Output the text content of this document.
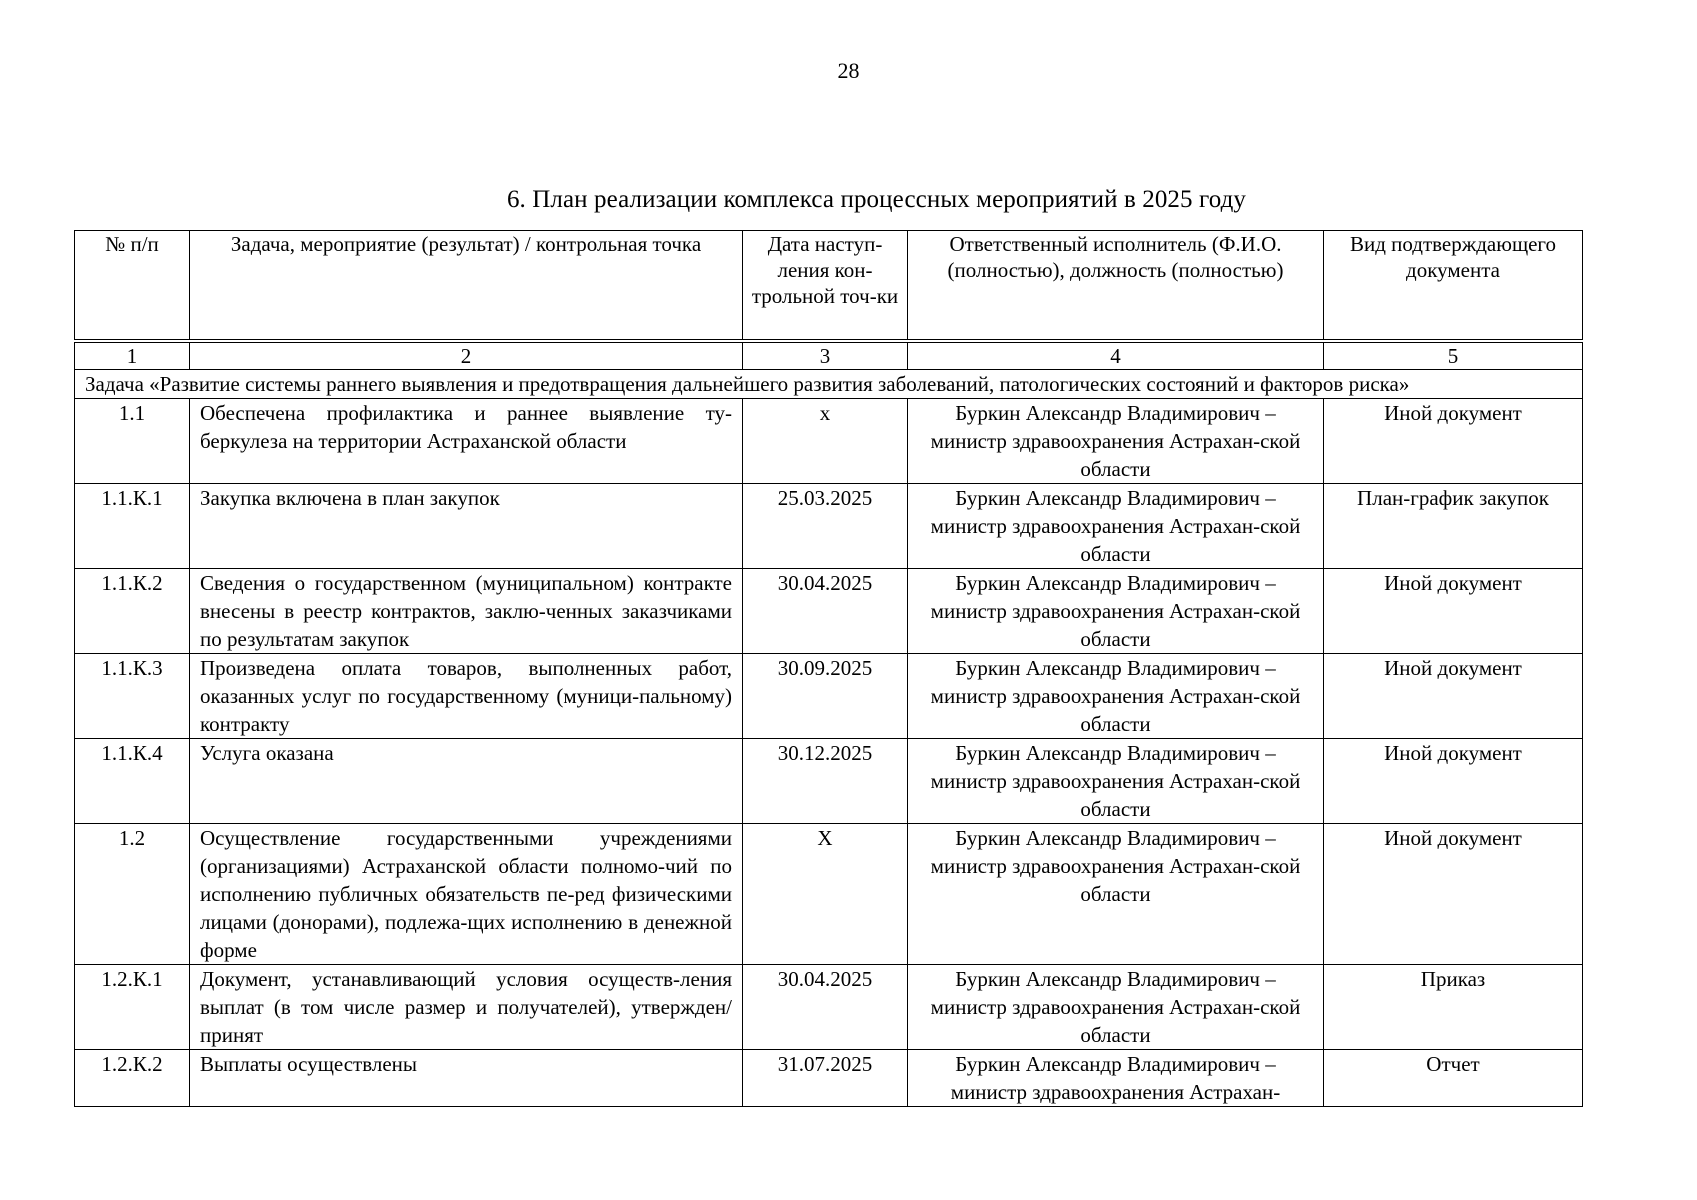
28
6. План реализации комплекса процессных мероприятий в 2025 году
№ п/п	Задача, мероприятие (результат) / контрольная точка	Дата наступ-ления кон-трольной точ-ки	Ответственный исполнитель (Ф.И.О. (полностью), должность (полностью)	Вид подтверждающего документа
1	2	3	4	5
Задача «Развитие системы раннего выявления и предотвращения дальнейшего развития заболеваний, патологических состояний и факторов риска»				
1.1	Обеспечена профилактика и раннее выявление ту-беркулеза на территории Астраханской области	х	Буркин Александр Владимирович – министр здравоохранения Астрахан-ской области	Иной документ
1.1.К.1	Закупка включена в план закупок	25.03.2025	Буркин Александр Владимирович – министр здравоохранения Астрахан-ской области	План-график закупок
1.1.К.2	Сведения о государственном (муниципальном) контракте внесены в реестр контрактов, заклю-ченных заказчиками по результатам закупок	30.04.2025	Буркин Александр Владимирович – министр здравоохранения Астрахан-ской области	Иной документ
1.1.К.3	Произведена оплата товаров, выполненных работ, оказанных услуг по государственному (муници-пальному) контракту	30.09.2025	Буркин Александр Владимирович – министр здравоохранения Астрахан-ской области	Иной документ
1.1.К.4	Услуга оказана	30.12.2025	Буркин Александр Владимирович – министр здравоохранения Астрахан-ской области	Иной документ
1.2	Осуществление государственными учреждениями (организациями) Астраханской области полномо-чий по исполнению публичных обязательств пе-ред физическими лицами (донорами), подлежа-щих исполнению в денежной форме	Х	Буркин Александр Владимирович – министр здравоохранения Астрахан-ской области	Иной документ
1.2.К.1	Документ, устанавливающий условия осуществ-ления выплат (в том числе размер и получателей), утвержден/принят	30.04.2025	Буркин Александр Владимирович – министр здравоохранения Астрахан-ской области	Приказ
1.2.К.2	Выплаты осуществлены	31.07.2025	Буркин Александр Владимирович – министр здравоохранения Астрахан-	Отчет
